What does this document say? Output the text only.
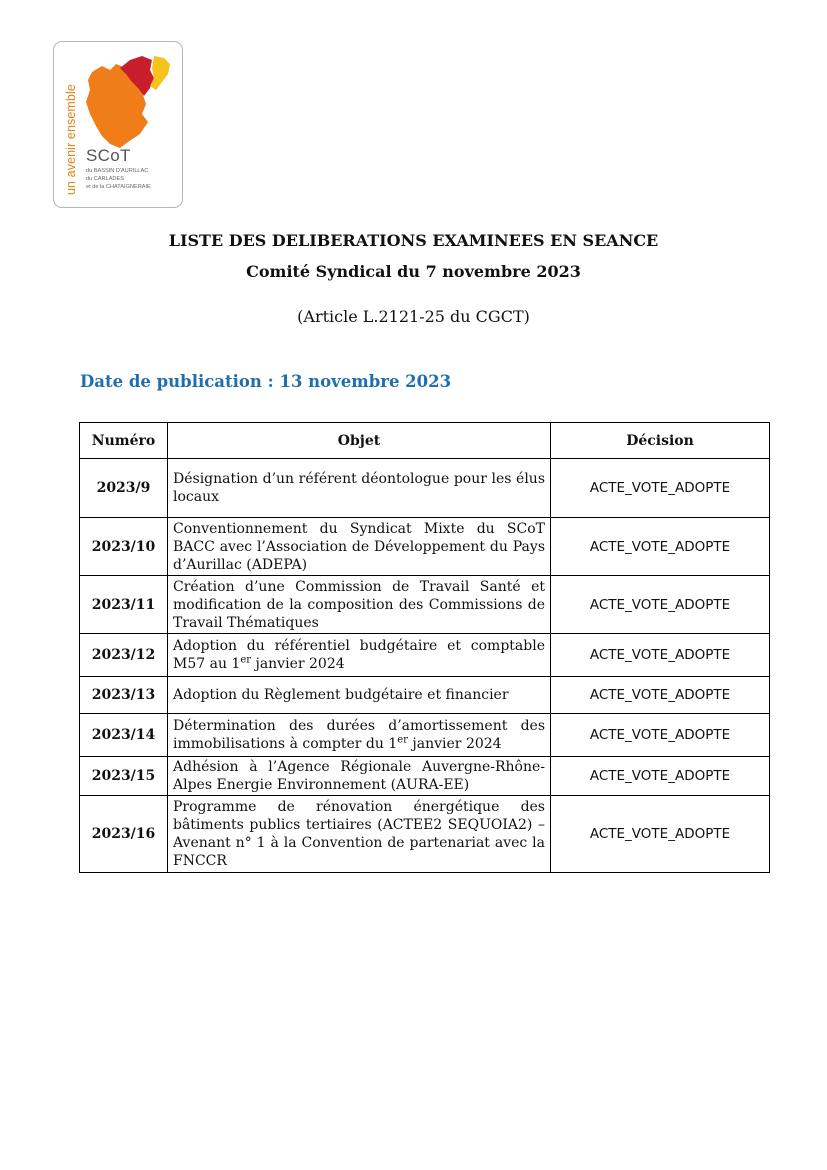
un avenir ensemble SCoT
du BASSIN D'AURILLAC
du CARLADES
et de la CHATAIGNERAIE
LISTE DES DELIBERATIONS EXAMINEES EN SEANCE
Comité Syndical du 7 novembre 2023
(Article L.2121-25 du CGCT)
Date de publication : 13 novembre 2023
Numéro	Objet	Décision
2023/9	Désignation d’un référent déontologue pour les élus locaux	ACTE_VOTE_ADOPTE
2023/10	Conventionnement du Syndicat Mixte du SCoT BACC avec l’Association de Développement du Pays d’Aurillac (ADEPA)	ACTE_VOTE_ADOPTE
2023/11	Création d’une Commission de Travail Santé et modification de la composition des Commissions de Travail Thématiques	ACTE_VOTE_ADOPTE
2023/12	Adoption du référentiel budgétaire et comptable M57 au 1er janvier 2024	ACTE_VOTE_ADOPTE
2023/13	Adoption du Règlement budgétaire et financier	ACTE_VOTE_ADOPTE
2023/14	Détermination des durées d’amortissement des immobilisations à compter du 1er janvier 2024	ACTE_VOTE_ADOPTE
2023/15	Adhésion à l’Agence Régionale Auvergne-Rhône-Alpes Energie Environnement (AURA-EE)	ACTE_VOTE_ADOPTE
2023/16	Programme de rénovation énergétique des bâtiments publics tertiaires (ACTEE2 SEQUOIA2) – Avenant n° 1 à la Convention de partenariat avec la FNCCR	ACTE_VOTE_ADOPTE
